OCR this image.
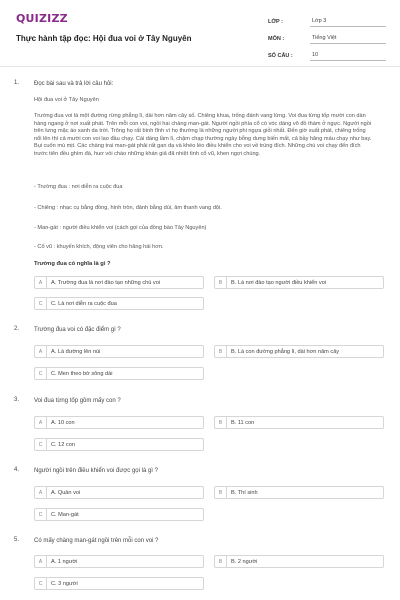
QUIZIZZ
Thực hành tập đọc: Hội đua voi ở Tây Nguyên
LỚP :	Lớp 3
MÔN :	Tiếng Việt
SỐ CÂU :	10
1. Đọc bài sau và trả lời câu hỏi:
Hội đua voi ở Tây Nguyên
Trường đua voi là một đường rừng phẳng lì, dài hơn năm cây số. Chiêng khua, trống đánh vang lừng. Voi đua từng tốp mười con dàn hàng ngang ở nơi xuất phát. Trên mỗi con voi, ngồi hai chàng man-gát. Người ngồi phía cổ có vóc dáng vô đồ thám ở ngực. Người ngồi trên lưng mặc áo xanh da trời. Trông họ rất bình tĩnh vì họ thường là những người phi ngựa giỏi nhất. Đến giờ xuất phát, chiêng trống nổi lên thì cả mười con voi lao đầu chạy. Cái dáng lầm lì, chậm chạp thường ngày bỗng dưng biến mất, cả bầy hăng máu chạy như bay. Bụi cuốn mù mịt. Các chàng trai man-gát phải rất gan dạ và khéo léo điều khiển cho voi về trúng đích. Những chú voi chạy đến đích trước tiên đều ghìm đà, huơ vòi chào những khán giả đã nhiệt tình cổ vũ, khen ngợi chúng.
- Trường đua : nơi diễn ra cuộc đua
- Chiêng : nhạc cụ bằng đồng, hình tròn, đánh bằng dùi, âm thanh vang dội.
- Man-gát : người điều khiển voi (cách gọi của đồng bào Tây Nguyên)
- Cổ vũ : khuyến khích, động viên cho hăng hái hơn.
Trường đua có nghĩa là gì ?
A	A. Trường đua là nơi đào tạo những chú voi	B	B. Là nơi đào tạo người điều khiển voi
C	C. Là nơi diễn ra cuộc đua
2. Trường đua voi có đặc điểm gì ?
A	A. Là đường lên núi	B	B. Là con đường phẳng lì, dài hơn năm cây
C	C. Men theo bờ sông dài
3. Voi đua từng tốp gồm mấy con ?
A	A. 10 con	B	B. 11 con
C	C. 12 con
4. Người ngồi trên điều khiển voi được gọi là gì ?
A	A. Quản voi	B	B. Thí sinh
C	C. Man-gát
5. Có mấy chàng man-gát ngồi trên mỗi con voi ?
A	A. 1 người	B	B. 2 người
C	C. 3 người
